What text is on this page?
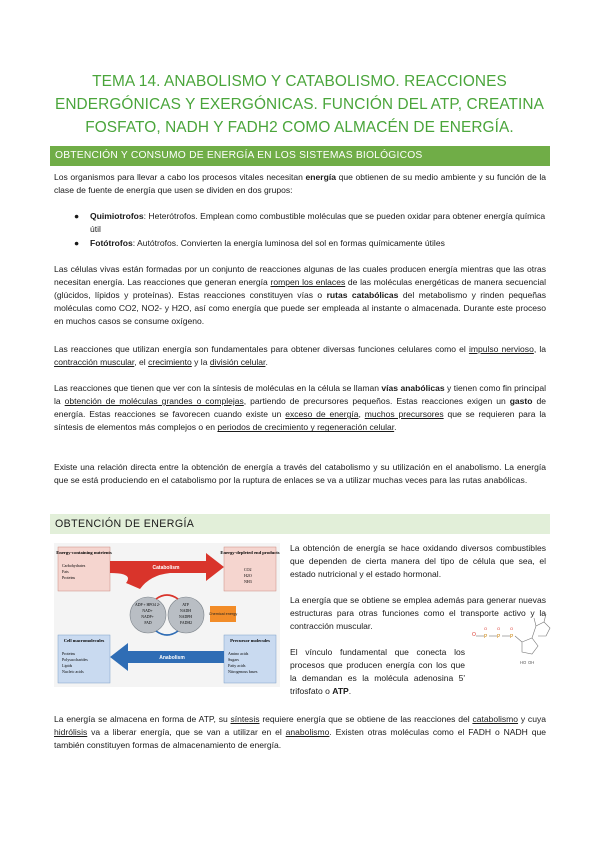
TEMA 14. ANABOLISMO Y CATABOLISMO. REACCIONES
ENDERGÓNICAS Y EXERGÓNICAS. FUNCIÓN DEL ATP, CREATINA
FOSFATO, NADH Y FADH2 COMO ALMACÉN DE ENERGÍA.
OBTENCIÓN Y CONSUMO DE ENERGÍA EN LOS SISTEMAS BIOLÓGICOS
Los organismos para llevar a cabo los procesos vitales necesitan energía que obtienen de su medio ambiente y su función de la clase de fuente de energía que usen se dividen en dos grupos:
● Quimiotrofos: Heterótrofos. Emplean como combustible moléculas que se pueden oxidar para obtener energía química útil
● Fotótrofos: Autótrofos. Convierten la energía luminosa del sol en formas químicamente útiles
Las células vivas están formadas por un conjunto de reacciones algunas de las cuales producen energía mientras que las otras necesitan energía. Las reacciones que generan energía rompen los enlaces de las moléculas energéticas de manera secuencial (glúcidos, lípidos y proteínas). Estas reacciones constituyen vías o rutas catabólicas del metabolismo y rinden pequeñas moléculas como CO2, NO2- y H2O, así como energía que puede ser empleada al instante o almacenada. Durante este proceso en muchos casos se consume oxígeno.
Las reacciones que utilizan energía son fundamentales para obtener diversas funciones celulares como el impulso nervioso, la contracción muscular, el crecimiento y la división celular.
Las reacciones que tienen que ver con la síntesis de moléculas en la célula se llaman vías anabólicas y tienen como fin principal la obtención de moléculas grandes o complejas, partiendo de precursores pequeños. Estas reacciones exigen un gasto de energía. Estas reacciones se favorecen cuando existe un exceso de energía, muchos precursores que se requieren para la síntesis de elementos más complejos o en periodos de crecimiento y regeneración celular.
Existe una relación directa entre la obtención de energía a través del catabolismo y su utilización en el anabolismo. La energía que se está produciendo en el catabolismo por la ruptura de enlaces se va a utilizar muchas veces para las rutas anabólicas.
OBTENCIÓN DE ENERGÍA
Energy-containing nutrients
Carbohydrates Fats Proteins
Energy-depleted end products
CO2 H2O NH3
Catabolism
Cell macromolecules
Proteins Polysaccharides Lipids Nucleic acids
Precursor molecules
Amino acids Sugars Fatty acids Nitrogenous bases
Anabolism
ADP + HPO4 2- NAD+ NADP+ FAD
ATP NADH NADPH FADH2
Chemical energy
La obtención de energía se hace oxidando diversos combustibles que dependen de cierta manera del tipo de célula que sea, el estado nutricional y el estado hormonal.
La energía que se obtiene se emplea además para generar nuevas estructuras para otras funciones como el transporte activo y la contracción muscular.
El vínculo fundamental que conecta los procesos que producen energía con los que la demandan es la molécula adenosina 5' trifosfato o ATP.
O P P P
OH
HO
O O O
La energía se almacena en forma de ATP, su síntesis requiere energía que se obtiene de las reacciones del catabolismo y cuya hidrólisis va a liberar energía, que se van a utilizar en el anabolismo. Existen otras moléculas como el FADH o NADH que también constituyen formas de almacenamiento de energía.
